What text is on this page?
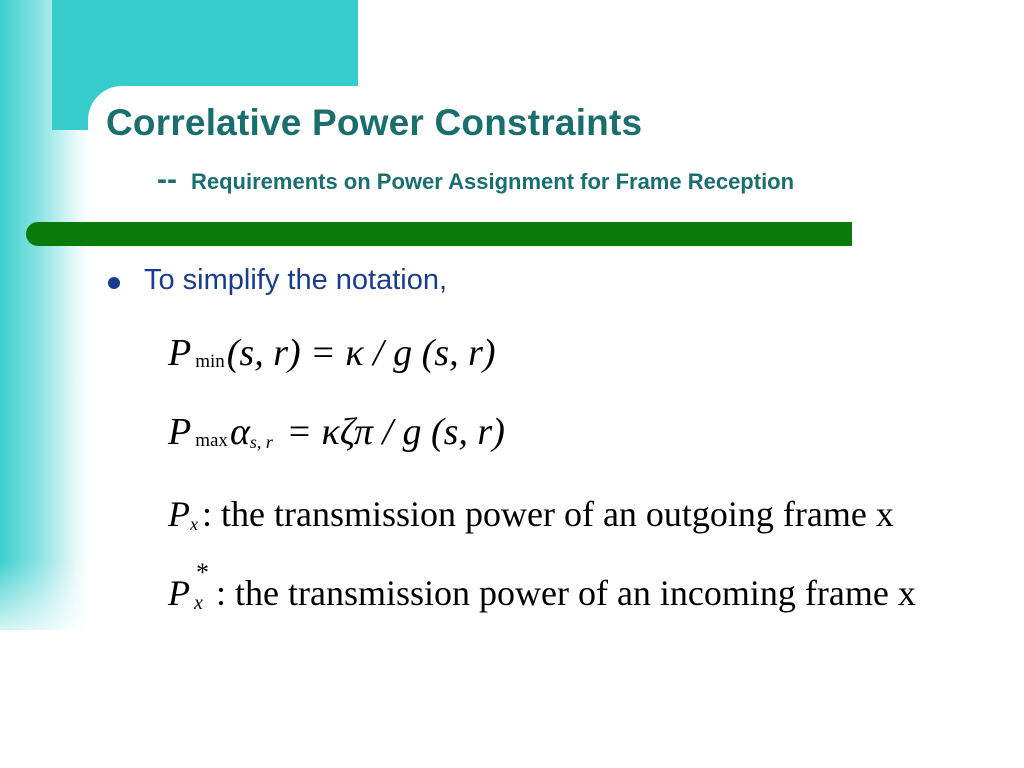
Correlative Power Constraints
-- Requirements on Power Assignment for Frame Reception
To simplify the notation,
Pmin(s, r) = κ / g (s, r)
Pmaxαs, r = κζπ / g (s, r)
Px : the transmission power of an outgoing frame x
P
*
x : the transmission power of an incoming frame x
